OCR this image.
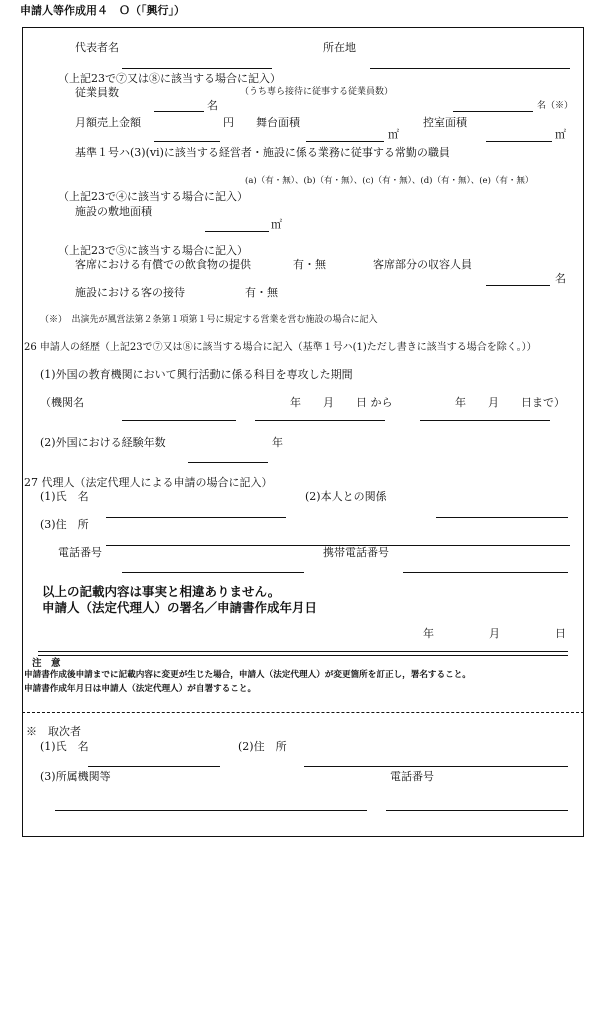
申請人等作成用４　Ｏ（「興行」）
代表者名	所在地
（上記23で⑦又は⑧に該当する場合に記入）
従業員数	（うち専ら接待に従事する従業員数）
名	名（※）
月額売上金額	円 舞台面積
㎡
控室面積
㎡
基準１号ハ(3)(ⅵ)に該当する経営者・施設に係る業務に従事する常勤の職員
(a)（有・無）、(b)（有・無）、(c)（有・無）、(d)（有・無）、(e)（有・無）
（上記23で④に該当する場合に記入）
施設の敷地面積
㎡
（上記23で⑤に該当する場合に記入）
客席における有償での飲食物の提供	有・無	客席部分の収容人員
名
施設における客の接待	有・無
（※）　出演先が風営法第２条第１項第１号に規定する営業を営む施設の場合に記入
26 申請人の経歴（上記23で⑦又は⑧に該当する場合に記入（基準１号ハ(1)ただし書きに該当する場合を除く。））
(1)外国の教育機関において興行活動に係る科目を専攻した期間
（機関名	年　　月　　日 から	年　　月　　日まで）
(2)外国における経験年数	年
27 代理人（法定代理人による申請の場合に記入）
(1)氏　名	(2)本人との関係
(3)住　所
電話番号	携帯電話番号
以上の記載内容は事実と相違ありません。
申請人（法定代理人）の署名／申請書作成年月日
年　　　　　月　　　　　日
注　意
申請書作成後申請までに記載内容に変更が生じた場合，申請人（法定代理人）が変更箇所を訂正し，署名すること。
申請書作成年月日は申請人（法定代理人）が自署すること。
※　取次者
(1)氏　名	(2)住　所
(3)所属機関等	電話番号
